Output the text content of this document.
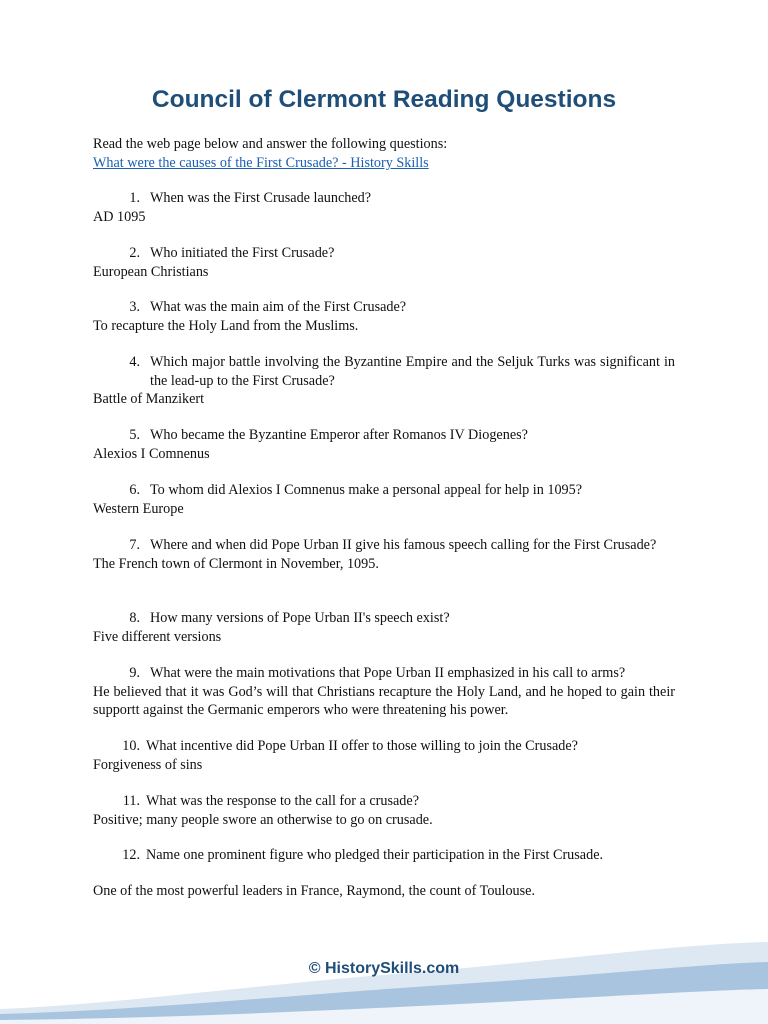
Council of Clermont Reading Questions
Read the web page below and answer the following questions:
What were the causes of the First Crusade? - History Skills
1. When was the First Crusade launched?
AD 1095
2. Who initiated the First Crusade?
European Christians
3. What was the main aim of the First Crusade?
To recapture the Holy Land from the Muslims.
4. Which major battle involving the Byzantine Empire and the Seljuk Turks was significant in the lead-up to the First Crusade?
Battle of Manzikert
5. Who became the Byzantine Emperor after Romanos IV Diogenes?
Alexios I Comnenus
6. To whom did Alexios I Comnenus make a personal appeal for help in 1095?
Western Europe
7. Where and when did Pope Urban II give his famous speech calling for the First Crusade?
The French town of Clermont in November, 1095.
8. How many versions of Pope Urban II's speech exist?
Five different versions
9. What were the main motivations that Pope Urban II emphasized in his call to arms?
He believed that it was God’s will that Christians recapture the Holy Land, and he hoped to gain their supportt against the Germanic emperors who were threatening his power.
10. What incentive did Pope Urban II offer to those willing to join the Crusade?
Forgiveness of sins
11. What was the response to the call for a crusade?
Positive; many people swore an otherwise to go on crusade.
12. Name one prominent figure who pledged their participation in the First Crusade.
One of the most powerful leaders in France, Raymond, the count of Toulouse.
© HistorySkills.com
